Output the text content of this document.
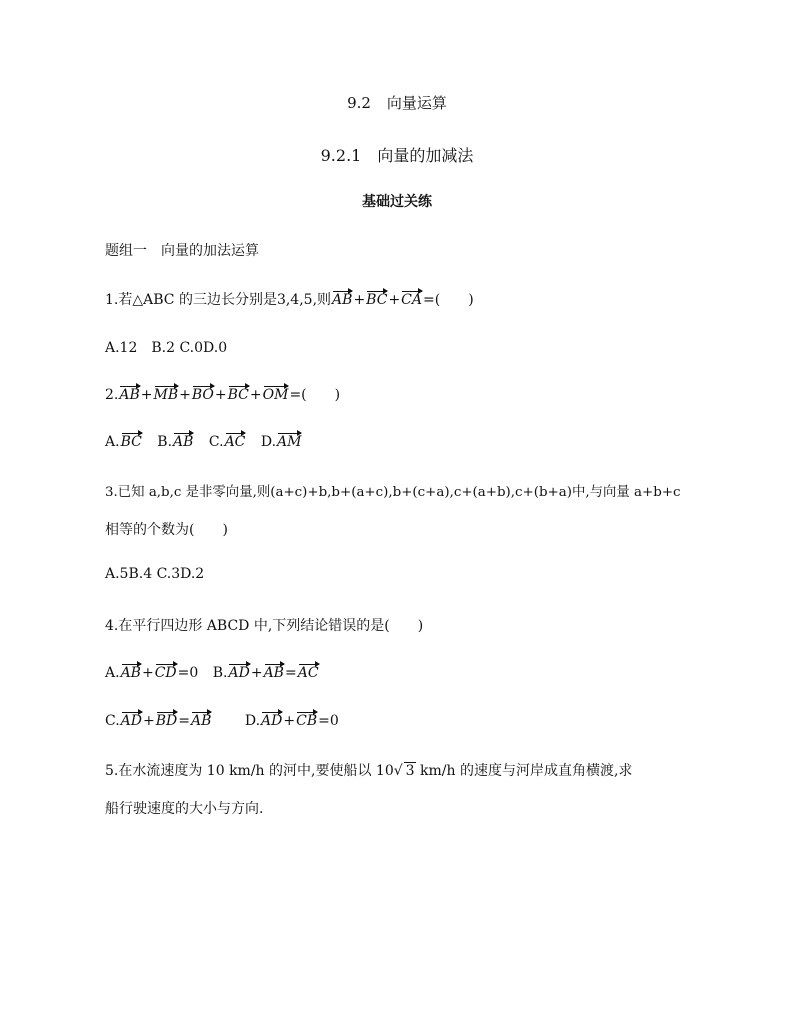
9.2 向量运算
9.2.1 向量的加减法
基础过关练
题组一　向量的加法运算
1.若△ABC 的三边长分别是3,4,5,则AB+BC+CA=(　　)
A.12　B.2 C.0D.0
2.AB+MB+BO+BC+OM=(　　)
A.BC B.AB C.AC D.AM
3.已知 a,b,c 是非零向量,则(a+c)+b,b+(a+c),b+(c+a),c+(a+b),c+(b+a)中,与向量 a+b+c
相等的个数为(　　)
A.5B.4 C.3D.2
4.在平行四边形 ABCD 中,下列结论错误的是(　　)
A.AB+CD=0 B.AD+AB=AC
C.AD+BD=AB D.AD+CB=0
5.在水流速度为 10 km/h 的河中,要使船以 10√ 3 km/h 的速度与河岸成直角横渡,求
船行驶速度的大小与方向.
